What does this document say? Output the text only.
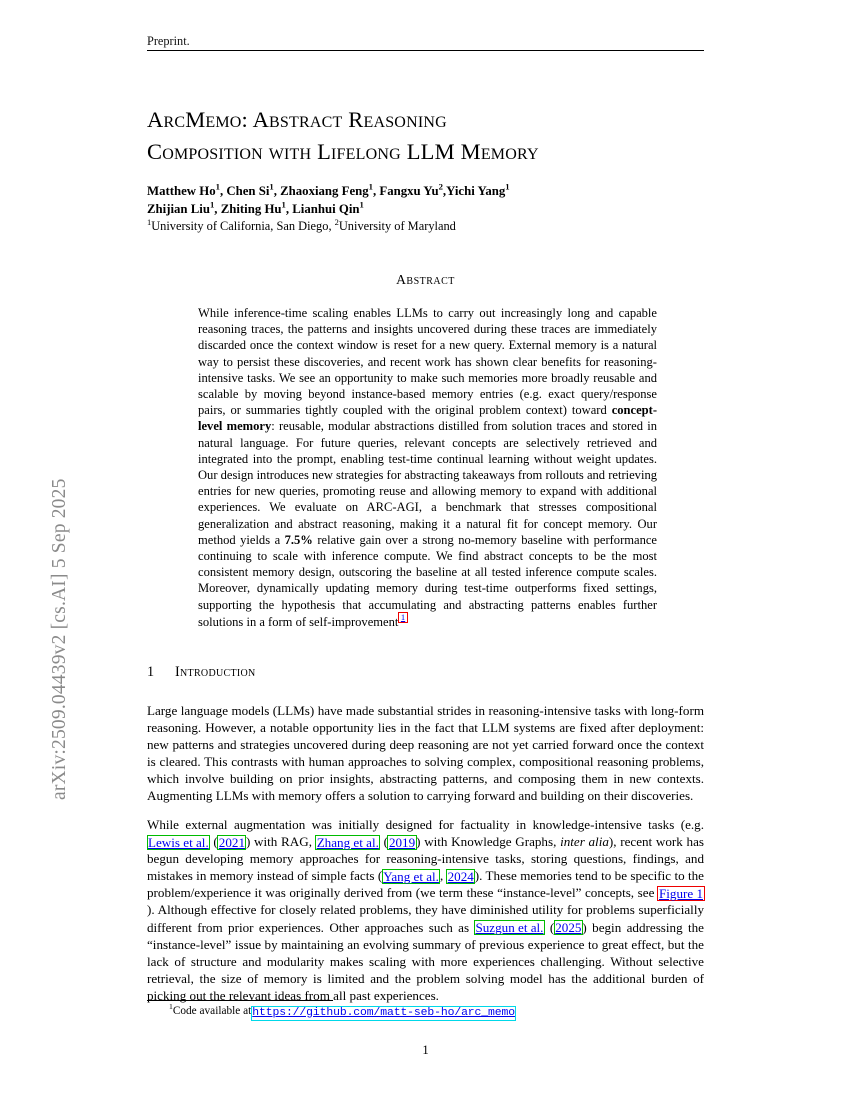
arXiv:2509.04439v2 [cs.AI] 5 Sep 2025
Preprint.
ArcMemo: Abstract Reasoning
Composition with Lifelong LLM Memory
Matthew Ho$^1$, Chen Si$^1$, Zhaoxiang Feng$^1$, Fangxu Yu$^2$,Yichi Yang$^1$
Zhijian Liu$^1$, Zhiting Hu$^1$, Lianhui Qin$^1$
$^1$University of California, San Diego, $^2$University of Maryland
Abstract
While inference-time scaling enables LLMs to carry out increasingly long and capable reasoning traces, the patterns and insights uncovered during these traces are immediately discarded once the context window is reset for a new query. External memory is a natural way to persist these discoveries, and recent work has shown clear benefits for reasoning-intensive tasks. We see an opportunity to make such memories more broadly reusable and scalable by moving beyond instance-based memory entries (e.g. exact query/response pairs, or summaries tightly coupled with the original problem context) toward concept-level memory: reusable, modular abstractions distilled from solution traces and stored in natural language. For future queries, relevant concepts are selectively retrieved and integrated into the prompt, enabling test-time continual learning without weight updates. Our design introduces new strategies for abstracting takeaways from rollouts and retrieving entries for new queries, promoting reuse and allowing memory to expand with additional experiences. We evaluate on ARC-AGI, a benchmark that stresses compositional generalization and abstract reasoning, making it a natural fit for concept memory. Our method yields a 7.5% relative gain over a strong no-memory baseline with performance continuing to scale with inference compute. We find abstract concepts to be the most consistent memory design, outscoring the baseline at all tested inference compute scales. Moreover, dynamically updating memory during test-time outperforms fixed settings, supporting the hypothesis that accumulating and abstracting patterns enables further solutions in a form of self-improvement 1
1 Introduction
Large language models (LLMs) have made substantial strides in reasoning-intensive tasks with long-form reasoning. However, a notable opportunity lies in the fact that LLM systems are fixed after deployment: new patterns and strategies uncovered during deep reasoning are not yet carried forward once the context is cleared. This contrasts with human approaches to solving complex, compositional reasoning problems, which involve building on prior insights, abstracting patterns, and composing them in new contexts. Augmenting LLMs with memory offers a solution to carrying forward and building on their discoveries.
While external augmentation was initially designed for factuality in knowledge-intensive tasks (e.g. Lewis et al. (2021) with RAG, Zhang et al. (2019) with Knowledge Graphs, inter alia), recent work has begun developing memory approaches for reasoning-intensive tasks, storing questions, findings, and mistakes in memory instead of simple facts (Yang et al., 2024). These memories tend to be specific to the problem/experience it was originally derived from (we term these “instance-level” concepts, see Figure 1). Although effective for closely related problems, they have diminished utility for problems superficially different from prior experiences. Other approaches such as Suzgun et al. (2025) begin addressing the “instance-level” issue by maintaining an evolving summary of previous experience to great effect, but the lack of structure and modularity makes scaling with more experiences challenging. Without selective retrieval, the size of memory is limited and the problem solving model has the additional burden of picking out the relevant ideas from all past experiences.
$^1$Code available athttps://github.com/matt-seb-ho/arc_memo
1
